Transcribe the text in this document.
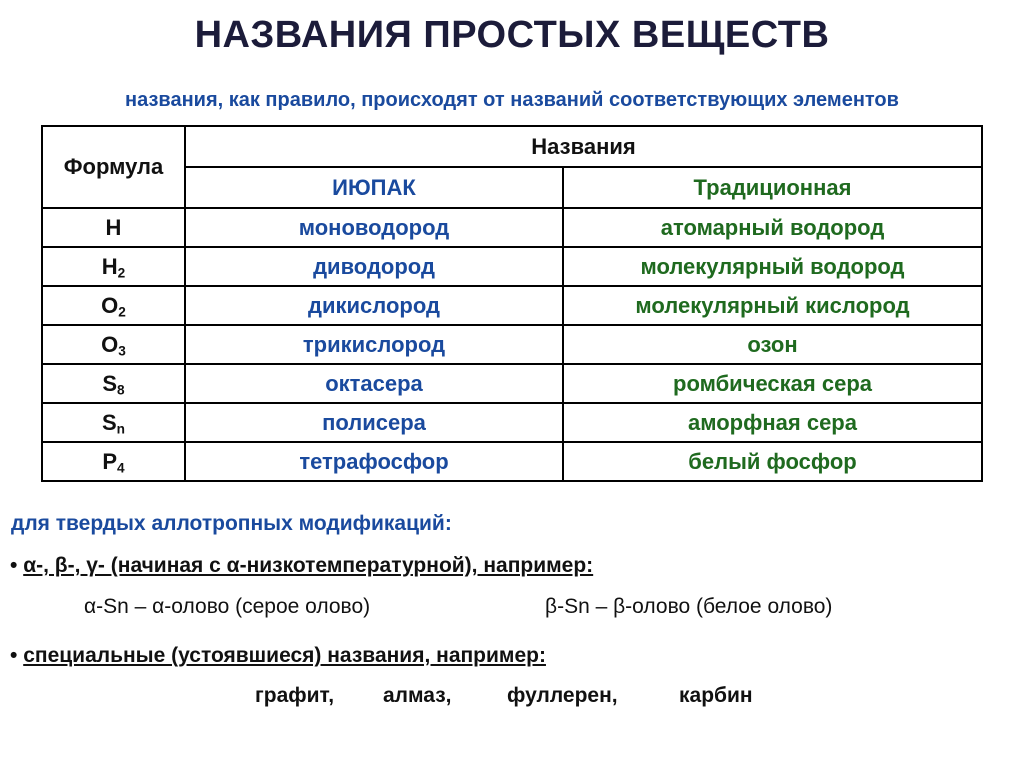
НАЗВАНИЯ ПРОСТЫХ ВЕЩЕСТВ
названия, как правило, происходят от названий соответствующих элементов
Формула	Названия	
	ИЮПАК	Традиционная
H	моноводород	атомарный водород
$H_2$	диводород	молекулярный водород
$O_2$	дикислород	молекулярный кислород
$O_3$	трикислород	озон
$S_8$	октасера	ромбическая сера
$S_n$	полисера	аморфная сера
$P_4$	тетрафосфор	белый фосфор
для твердых аллотропных модификаций:
• α-, β-, γ- (начиная с α-низкотемпературной), например:
α-Sn – α-олово (серое олово)	β-Sn – β-олово (белое олово)
• специальные (устоявшиеся) названия, например:
графит, алмаз,	фуллерен,	карбин
